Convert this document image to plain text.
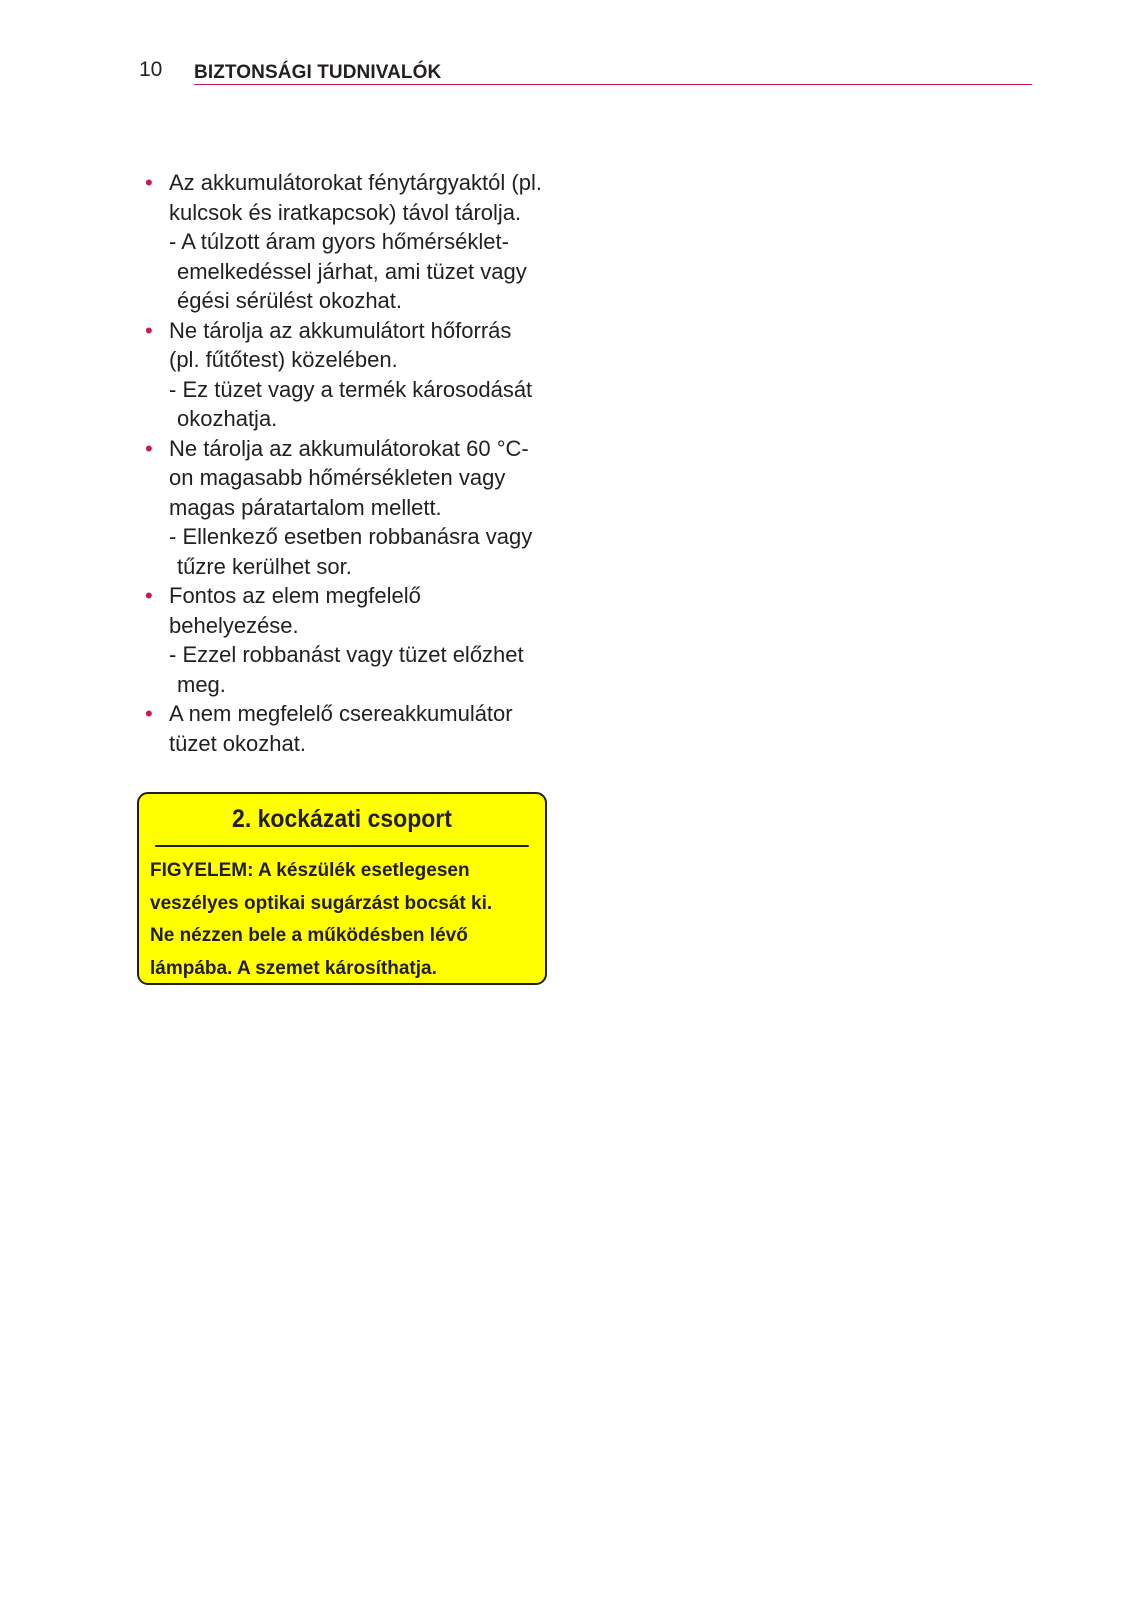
10 BIZTONSÁGI TUDNIVALÓK
• Az akkumulátorokat fénytárgyaktól (pl.
kulcsok és iratkapcsok) távol tárolja.
- A túlzott áram gyors hőmérséklet-
emelkedéssel járhat, ami tüzet vagy
égési sérülést okozhat.
• Ne tárolja az akkumulátort hőforrás
(pl. fűtőtest) közelében.
- Ez tüzet vagy a termék károsodását
okozhatja.
• Ne tárolja az akkumulátorokat 60 °C-
on magasabb hőmérsékleten vagy
magas páratartalom mellett.
- Ellenkező esetben robbanásra vagy
tűzre kerülhet sor.
• Fontos az elem megfelelő
behelyezése.
- Ezzel robbanást vagy tüzet előzhet
meg.
• A nem megfelelő csereakkumulátor
tüzet okozhat.
2. kockázati csoport
FIGYELEM: A készülék esetlegesen
veszélyes optikai sugárzást bocsát ki.
Ne nézzen bele a működésben lévő
lámpába. A szemet károsíthatja.
